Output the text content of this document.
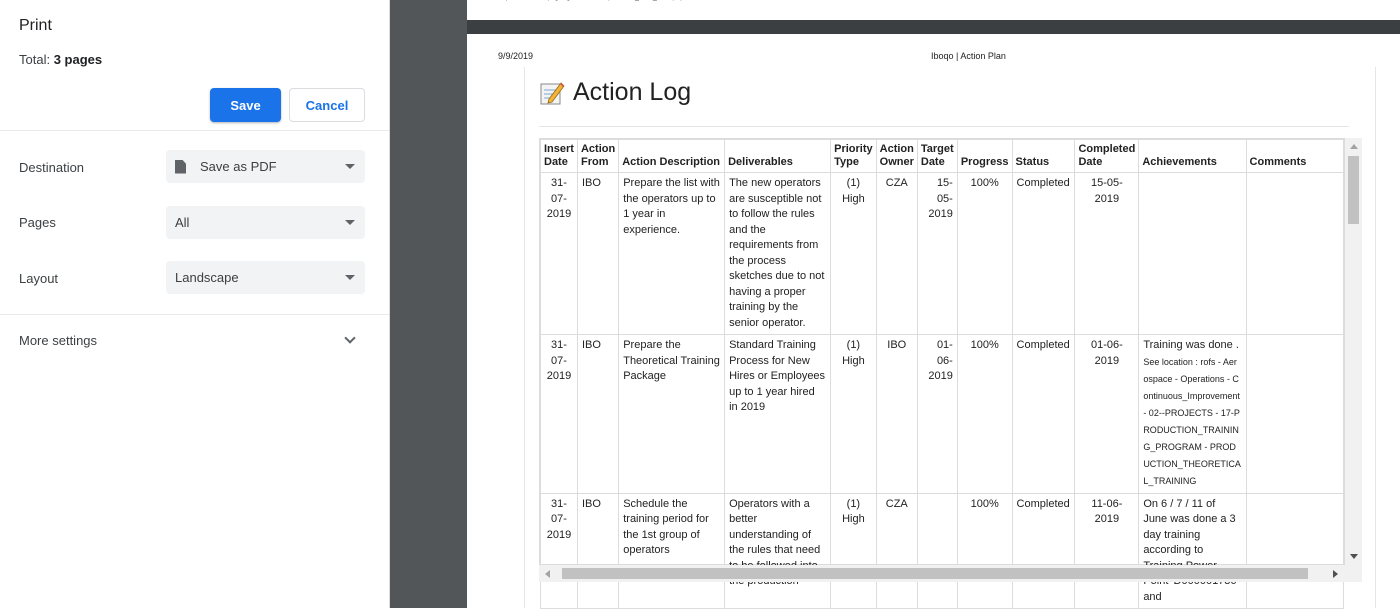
Print
Total: 3 pages
Save	Cancel
Destination	Save as PDF
Pages	All
Layout	Landscape
More settings
9/9/2019	Iboqo | Action Plan
Action Log
Insert Date	Action From	Action Description	Deliverables	Priority Type	Action Owner	Target Date	Progress	Status	Completed Date	Achievements	Comments
31-07-2019	IBO	Prepare the list with the operators up to 1 year in experience.	The new operators are susceptible not to follow the rules and the requirements from the process sketches due to not having a proper training by the senior operator.	(1) High	CZA	15-05-2019	100%	Completed	15-05-2019	

31-07-2019	IBO	Prepare the Theoretical Training Package	Standard Training Process for New Hires or Employees up to 1 year hired in 2019	(1) High	IBO	01-06-2019	100%	Completed	01-06-2019	Training was done .
See location : rofs - Aerospace - Operations - Continuous_Improvement - 02--PROJECTS - 17-PRODUCTION_TRAINING_PROGRAM - PRODUCTION_THEORETICAL_TRAINING	

31-07-2019	IBO	Schedule the training period for the 1st group of operators	Operators with a better understanding of the rules that need	(1) High	CZA		100%	Completed	11-06-2019	On 6 / 7 / 11 of June was done a 3 day training according to and	
